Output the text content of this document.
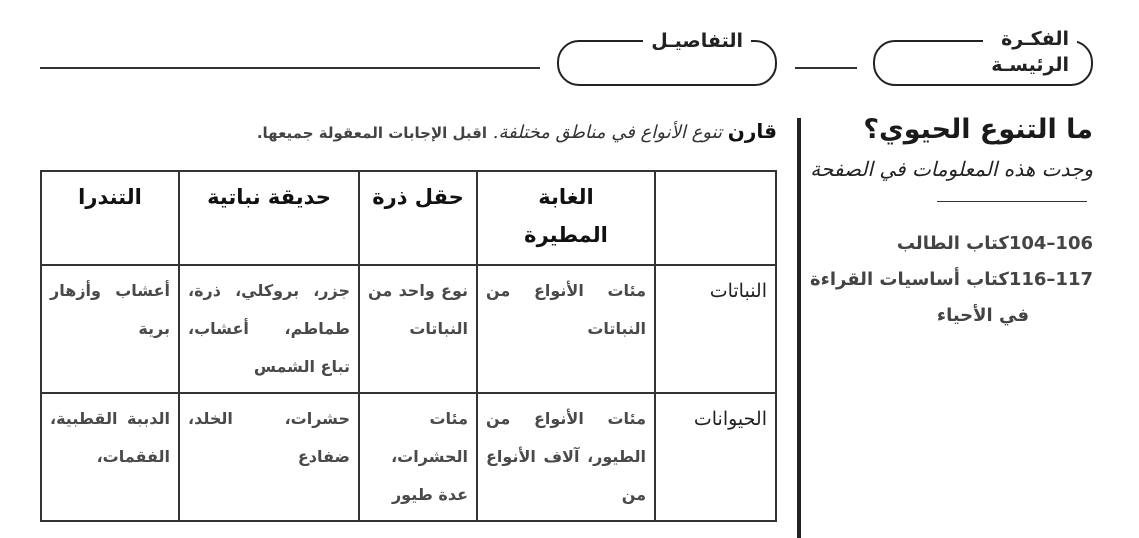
الفكـرة
الرئيسـة
التفاصيـل
ما التنوع الحيوي؟
وجدت هذه المعلومات في الصفحة
106–104كتاب الطالب
117–116كتاب أساسيات القراءة
في الأحياء
قارن تنوع الأنواع في مناطق مختلفة. اقبل الإجابات المعقولة جميعها.
	الغابة المطيرة	حقل ذرة	حديقة نباتية	التندرا
النباتات	مئات الأنواع من النباتات	نوع واحد من النباتات	جزر، بروكلي، ذرة، طماطم، أعشاب، تباع الشمس	أعشاب وأزهار برية
الحيوانات	مئات الأنواع من الطيور، آلاف الأنواع من	مئات الحشرات، عدة طيور	حشرات، الخلد، ضفادع	الدببة القطبية، الفقمات،
